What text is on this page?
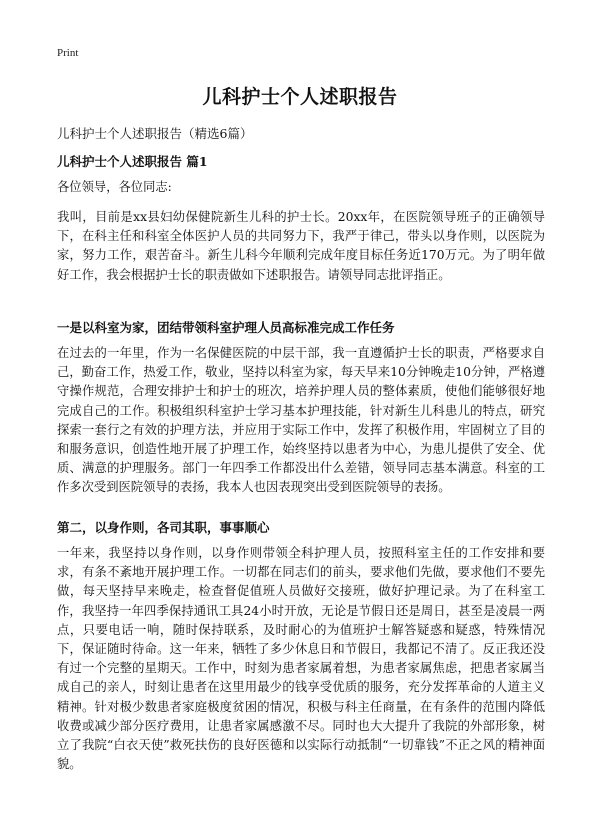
Print
儿科护士个人述职报告
儿科护士个人述职报告（精选6篇）
儿科护士个人述职报告 篇1

各位领导，各位同志:

我叫，目前是xx县妇幼保健院新生儿科的护士长。20xx年，在医院领导班子的正确领导下，在科主任和科室全体医护人员的共同努力下，我严于律己，带头以身作则，以医院为家，努力工作，艰苦奋斗。新生儿科今年顺利完成年度目标任务近170万元。为了明年做好工作，我会根据护士长的职责做如下述职报告。请领导同志批评指正。

一是以科室为家，团结带领科室护理人员高标准完成工作任务

在过去的一年里，作为一名保健医院的中层干部，我一直遵循护士长的职责，严格要求自己，勤奋工作，热爱工作，敬业，坚持以科室为家，每天早来10分钟晚走10分钟，严格遵守操作规范，合理安排护士和护士的班次，培养护理人员的整体素质，使他们能够很好地完成自己的工作。积极组织科室护士学习基本护理技能，针对新生儿科患儿的特点，研究探索一套行之有效的护理方法，并应用于实际工作中，发挥了积极作用，牢固树立了目的和服务意识，创造性地开展了护理工作，始终坚持以患者为中心，为患儿提供了安全、优质、满意的护理服务。部门一年四季工作都没出什么差错，领导同志基本满意。科室的工作多次受到医院领导的表扬，我本人也因表现突出受到医院领导的表扬。

第二，以身作则，各司其职，事事顺心

一年来，我坚持以身作则，以身作则带领全科护理人员，按照科室主任的工作安排和要求，有条不紊地开展护理工作。一切都在同志们的前头，要求他们先做，要求他们不要先做，每天坚持早来晚走，检查督促值班人员做好交接班，做好护理记录。为了在科室工作，我坚持一年四季保持通讯工具24小时开放，无论是节假日还是周日，甚至是凌晨一两点，只要电话一响，随时保持联系，及时耐心的为值班护士解答疑惑和疑惑，特殊情况下，保证随时待命。这一年来，牺牲了多少休息日和节假日，我都记不清了。反正我还没有过一个完整的星期天。工作中，时刻为患者家属着想，为患者家属焦虑，把患者家属当成自己的亲人，时刻让患者在这里用最少的钱享受优质的服务，充分发挥革命的人道主义精神。针对极少数患者家庭极度贫困的情况，积极与科主任商量，在有条件的范围内降低收费或减少部分医疗费用，让患者家属感激不尽。同时也大大提升了我院的外部形象，树立了我院“白衣天使”救死扶伤的良好医德和以实际行动抵制“一切靠钱”不正之风的精神面貌。
